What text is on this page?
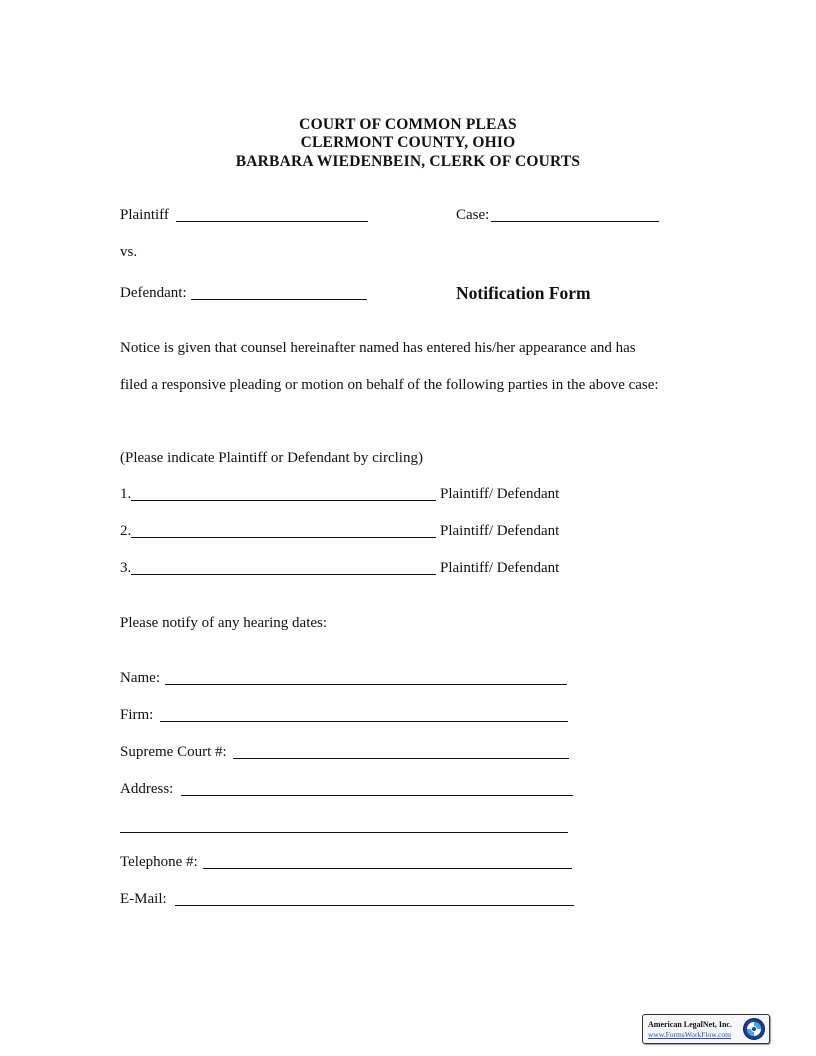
COURT OF COMMON PLEAS
CLERMONT COUNTY, OHIO
BARBARA WIEDENBEIN, CLERK OF COURTS
Plaintiff	Case:
vs.
Defendant:	Notification Form
Notice is given that counsel hereinafter named has entered his/her appearance and has
filed a responsive pleading or motion on behalf of the following parties in the above case:
(Please indicate Plaintiff or Defendant by circling)
1.	Plaintiff/ Defendant
2.	Plaintiff/ Defendant
3.	Plaintiff/ Defendant
Please notify of any hearing dates:
Name:
Firm:
Supreme Court #:
Address:
Telephone #:
E-Mail:
American LegalNet, Inc.
www.FormsWorkFlow.com
